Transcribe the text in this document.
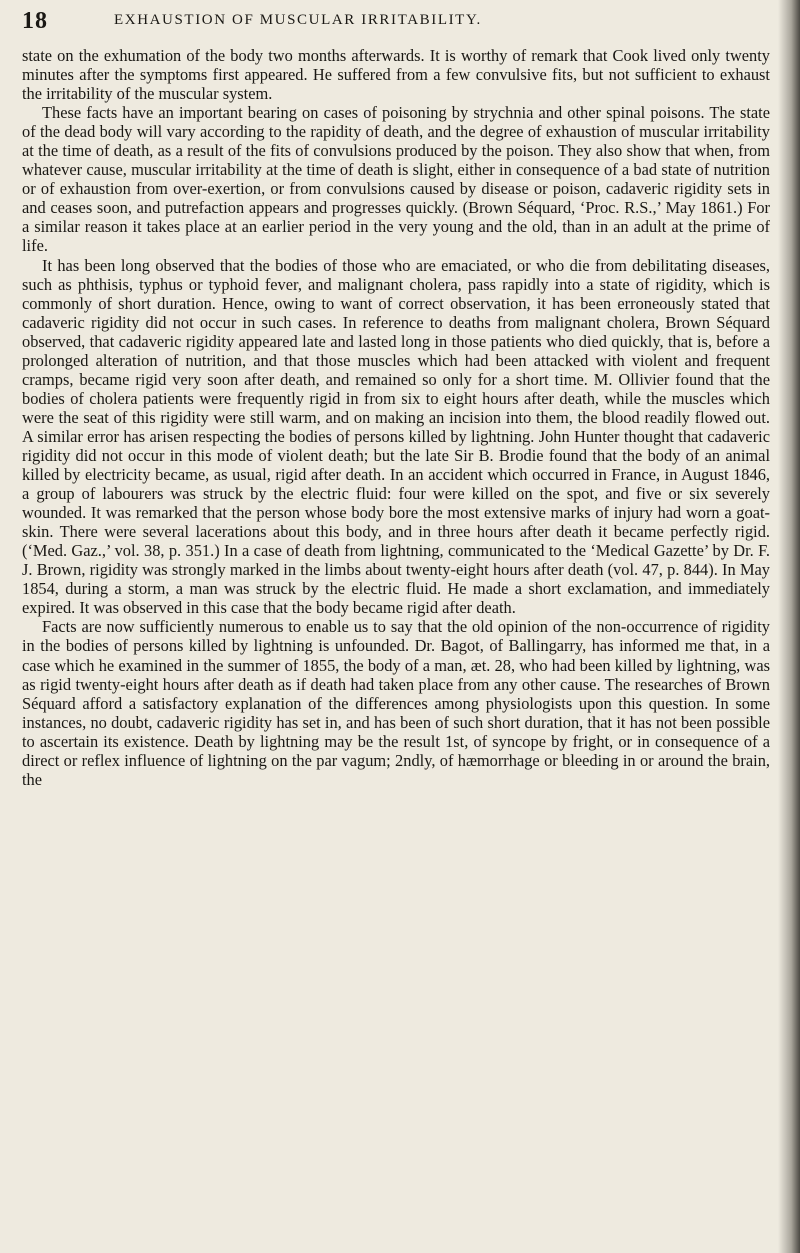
18	EXHAUSTION OF MUSCULAR IRRITABILITY.

state on the exhumation of the body two months afterwards. It is worthy of remark that Cook lived only twenty minutes after the symptoms first appeared. He suffered from a few convulsive fits, but not sufficient to exhaust the irritability of the muscular system.

These facts have an important bearing on cases of poisoning by strychnia and other spinal poisons. The state of the dead body will vary according to the rapidity of death, and the degree of exhaustion of muscular irritability at the time of death, as a result of the fits of convulsions produced by the poison. They also show that when, from whatever cause, muscular irritability at the time of death is slight, either in consequence of a bad state of nutrition or of exhaustion from over-exertion, or from convulsions caused by disease or poison, cadaveric rigidity sets in and ceases soon, and putrefaction appears and progresses quickly. (Brown Séquard, ‘Proc. R.S.,’ May 1861.) For a similar reason it takes place at an earlier period in the very young and the old, than in an adult at the prime of life.

It has been long observed that the bodies of those who are emaciated, or who die from debilitating diseases, such as phthisis, typhus or typhoid fever, and malignant cholera, pass rapidly into a state of rigidity, which is commonly of short duration. Hence, owing to want of correct observation, it has been erroneously stated that cadaveric rigidity did not occur in such cases. In reference to deaths from malignant cholera, Brown Séquard observed, that cadaveric rigidity appeared late and lasted long in those patients who died quickly, that is, before a prolonged alteration of nutrition, and that those muscles which had been attacked with violent and frequent cramps, became rigid very soon after death, and remained so only for a short time. M. Ollivier found that the bodies of cholera patients were frequently rigid in from six to eight hours after death, while the muscles which were the seat of this rigidity were still warm, and on making an incision into them, the blood readily flowed out. A similar error has arisen respecting the bodies of persons killed by lightning. John Hunter thought that cadaveric rigidity did not occur in this mode of violent death; but the late Sir B. Brodie found that the body of an animal killed by electricity became, as usual, rigid after death. In an accident which occurred in France, in August 1846, a group of labourers was struck by the electric fluid: four were killed on the spot, and five or six severely wounded. It was remarked that the person whose body bore the most extensive marks of injury had worn a goat-skin. There were several lacerations about this body, and in three hours after death it became perfectly rigid. (‘Med. Gaz.,’ vol. 38, p. 351.) In a case of death from lightning, communicated to the ‘Medical Gazette’ by Dr. F. J. Brown, rigidity was strongly marked in the limbs about twenty-eight hours after death (vol. 47, p. 844). In May 1854, during a storm, a man was struck by the electric fluid. He made a short exclamation, and immediately expired. It was observed in this case that the body became rigid after death.

Facts are now sufficiently numerous to enable us to say that the old opinion of the non-occurrence of rigidity in the bodies of persons killed by lightning is unfounded. Dr. Bagot, of Ballingarry, has informed me that, in a case which he examined in the summer of 1855, the body of a man, æt. 28, who had been killed by lightning, was as rigid twenty-eight hours after death as if death had taken place from any other cause. The researches of Brown Séquard afford a satisfactory explanation of the differences among physiologists upon this question. In some instances, no doubt, cadaveric rigidity has set in, and has been of such short duration, that it has not been possible to ascertain its existence. Death by lightning may be the result 1st, of syncope by fright, or in consequence of a direct or reflex influence of lightning on the par vagum; 2ndly, of hæmorrhage or bleeding in or around the brain, the
